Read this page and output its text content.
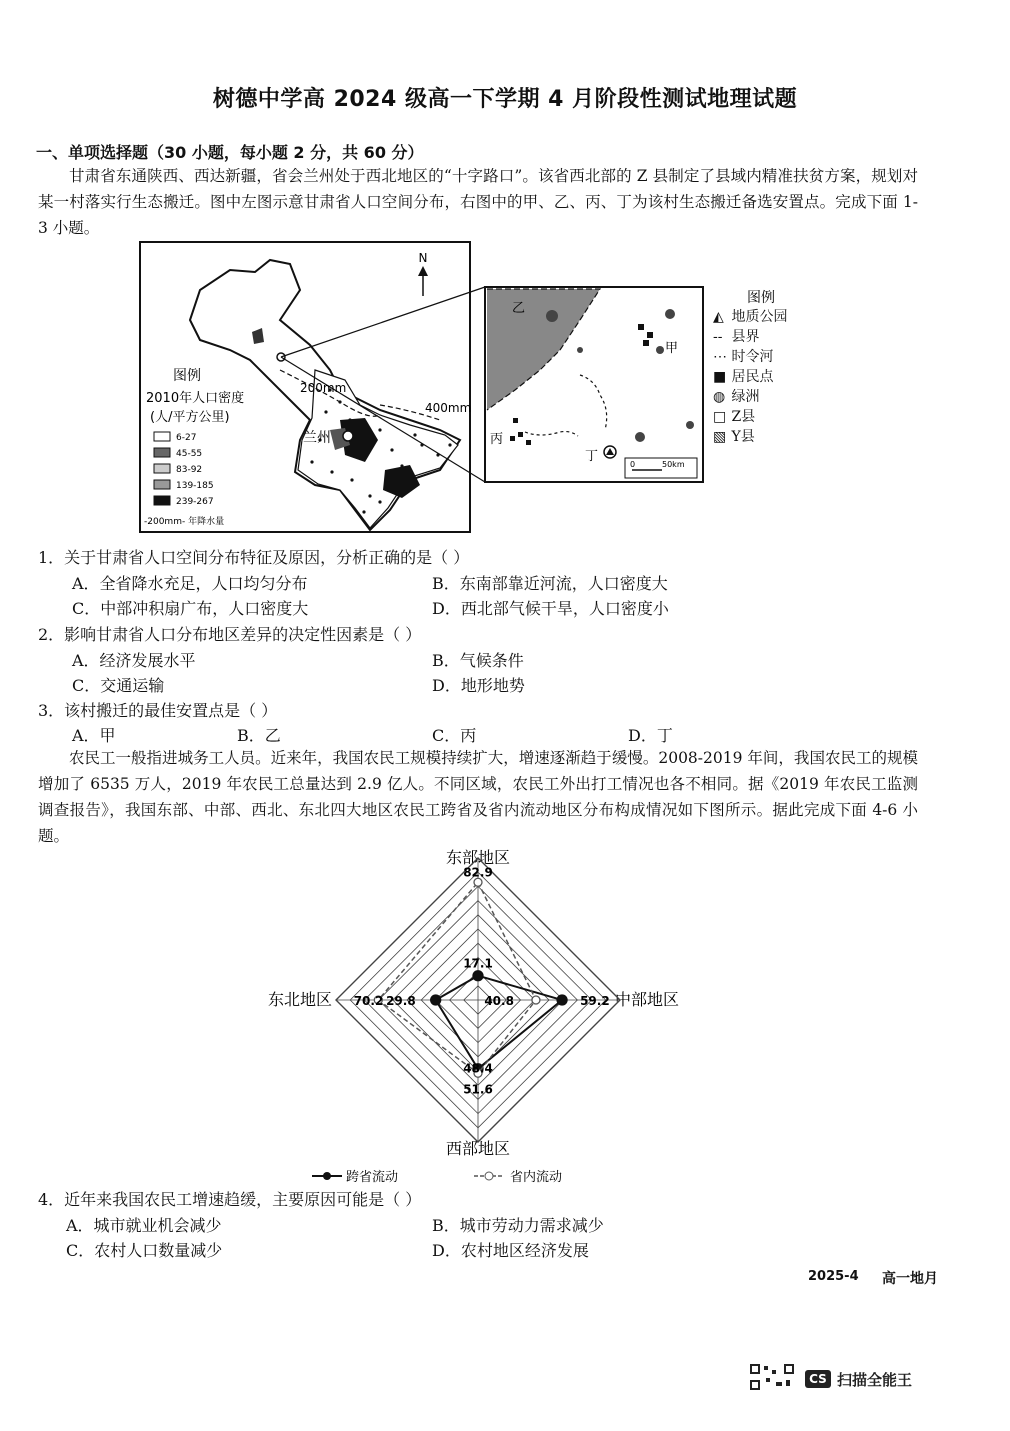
树德中学高 2024 级高一下学期 4 月阶段性测试地理试题
一、单项选择题（30 小题，每小题 2 分，共 60 分）
甘肃省东通陕西、西达新疆，省会兰州处于西北地区的“十字路口”。该省西北部的 Z 县制定了县域内精准扶贫方案，规划对某一村落实行生态搬迁。图中左图示意甘肃省人口空间分布，右图中的甲、乙、丙、丁为该村生态搬迁备选安置点。完成下面 1-3 小题。
N
200mm
400mm
兰州
图例
2010年人口密度
(人/平方公里)
6-27
45-55
83-92
139-185
239-267
-200mm- 年降水量
乙
甲
丙
丁
0	50km
图例
◭ 地质公园
-- 县界
⋯ 时令河
■ 居民点
◍ 绿洲
□ Z县
▧ Y县
1．关于甘肃省人口空间分布特征及原因，分析正确的是（ ）
A．全省降水充足，人口均匀分布	B．东南部靠近河流，人口密度大
C．中部冲积扇广布，人口密度大	D．西北部气候干旱，人口密度小
2．影响甘肃省人口分布地区差异的决定性因素是（ ）
A．经济发展水平	B．气候条件
C．交通运输	D．地形地势
3．该村搬迁的最佳安置点是（ ）
A．甲	B．乙	C．丙	D．丁
农民工一般指进城务工人员。近来年，我国农民工规模持续扩大，增速逐渐趋于缓慢。2008-2019 年间，我国农民工的规模增加了 6535 万人，2019 年农民工总量达到 2.9 亿人。不同区域，农民工外出打工情况也各不相同。据《2019 年农民工监测调查报告》，我国东部、中部、西北、东北四大地区农民工跨省及省内流动地区分布构成情况如下图所示。据此完成下面 4-6 小题。
东部地区
中部地区
西部地区
东北地区
82.9
17.1
40.8	59.2
48.4
51.6
70.2 29.8
跨省流动	省内流动
4．近年来我国农民工增速趋缓，主要原因可能是（ ）
A．城市就业机会减少	B．城市劳动力需求减少
C．农村人口数量减少	D．农村地区经济发展
2025-4 高一地月
CS 扫描全能王
